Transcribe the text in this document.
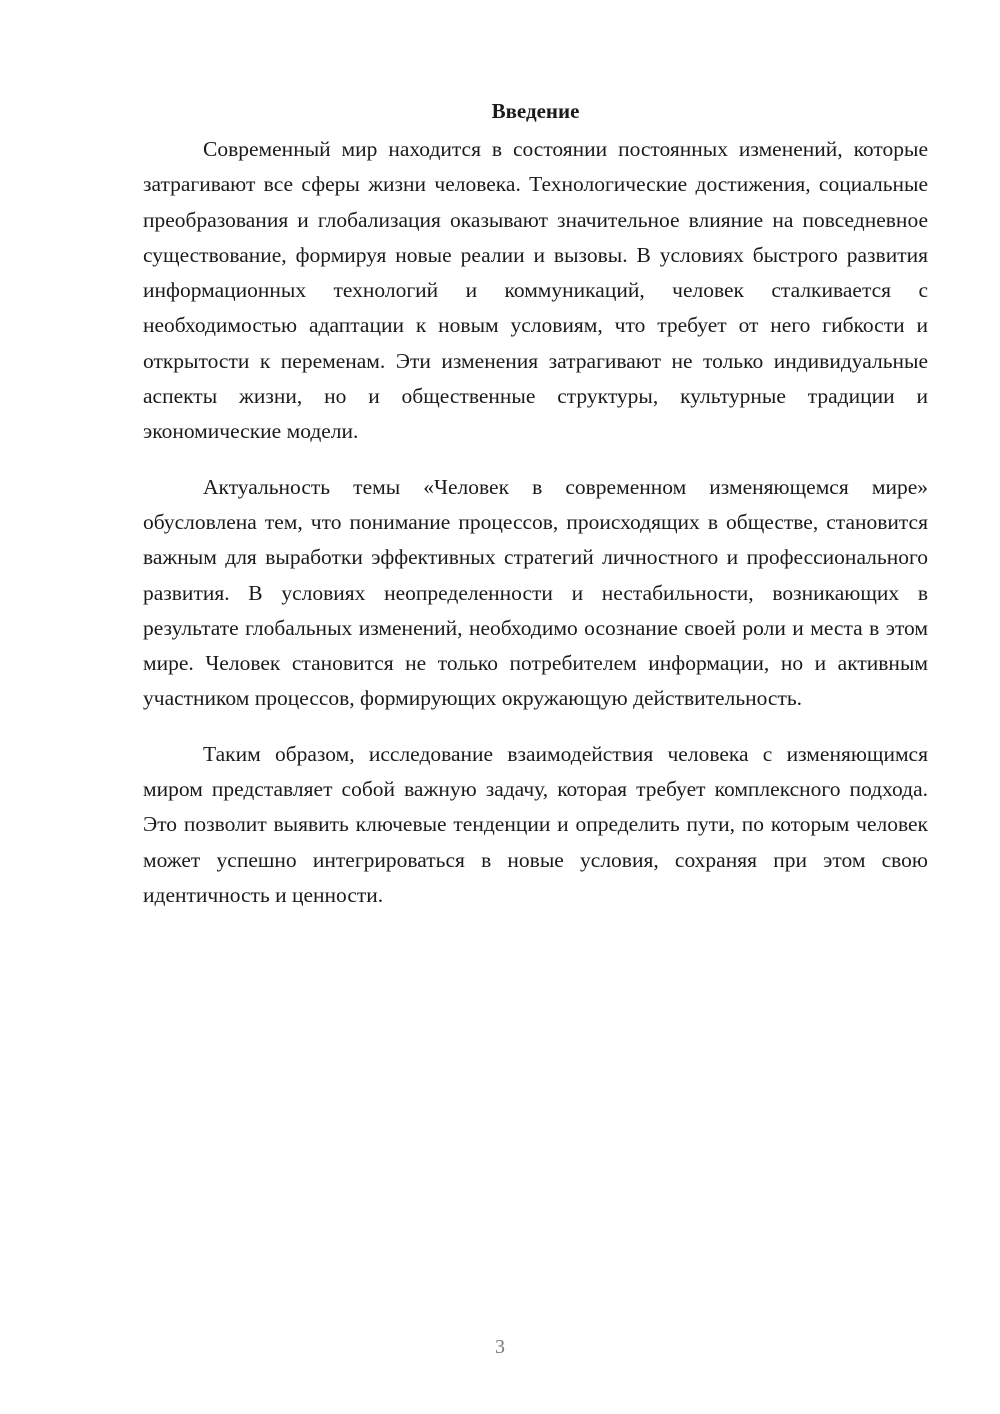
Введение

Современный мир находится в состоянии постоянных изменений, которые затрагивают все сферы жизни человека. Технологические достижения, социальные преобразования и глобализация оказывают значительное влияние на повседневное существование, формируя новые реалии и вызовы. В условиях быстрого развития информационных технологий и коммуникаций, человек сталкивается с необходимостью адаптации к новым условиям, что требует от него гибкости и открытости к переменам. Эти изменения затрагивают не только индивидуальные аспекты жизни, но и общественные структуры, культурные традиции и экономические модели.

Актуальность темы «Человек в современном изменяющемся мире» обусловлена тем, что понимание процессов, происходящих в обществе, становится важным для выработки эффективных стратегий личностного и профессионального развития. В условиях неопределенности и нестабильности, возникающих в результате глобальных изменений, необходимо осознание своей роли и места в этом мире. Человек становится не только потребителем информации, но и активным участником процессов, формирующих окружающую действительность.

Таким образом, исследование взаимодействия человека с изменяющимся миром представляет собой важную задачу, которая требует комплексного подхода. Это позволит выявить ключевые тенденции и определить пути, по которым человек может успешно интегрироваться в новые условия, сохраняя при этом свою идентичность и ценности.

3
